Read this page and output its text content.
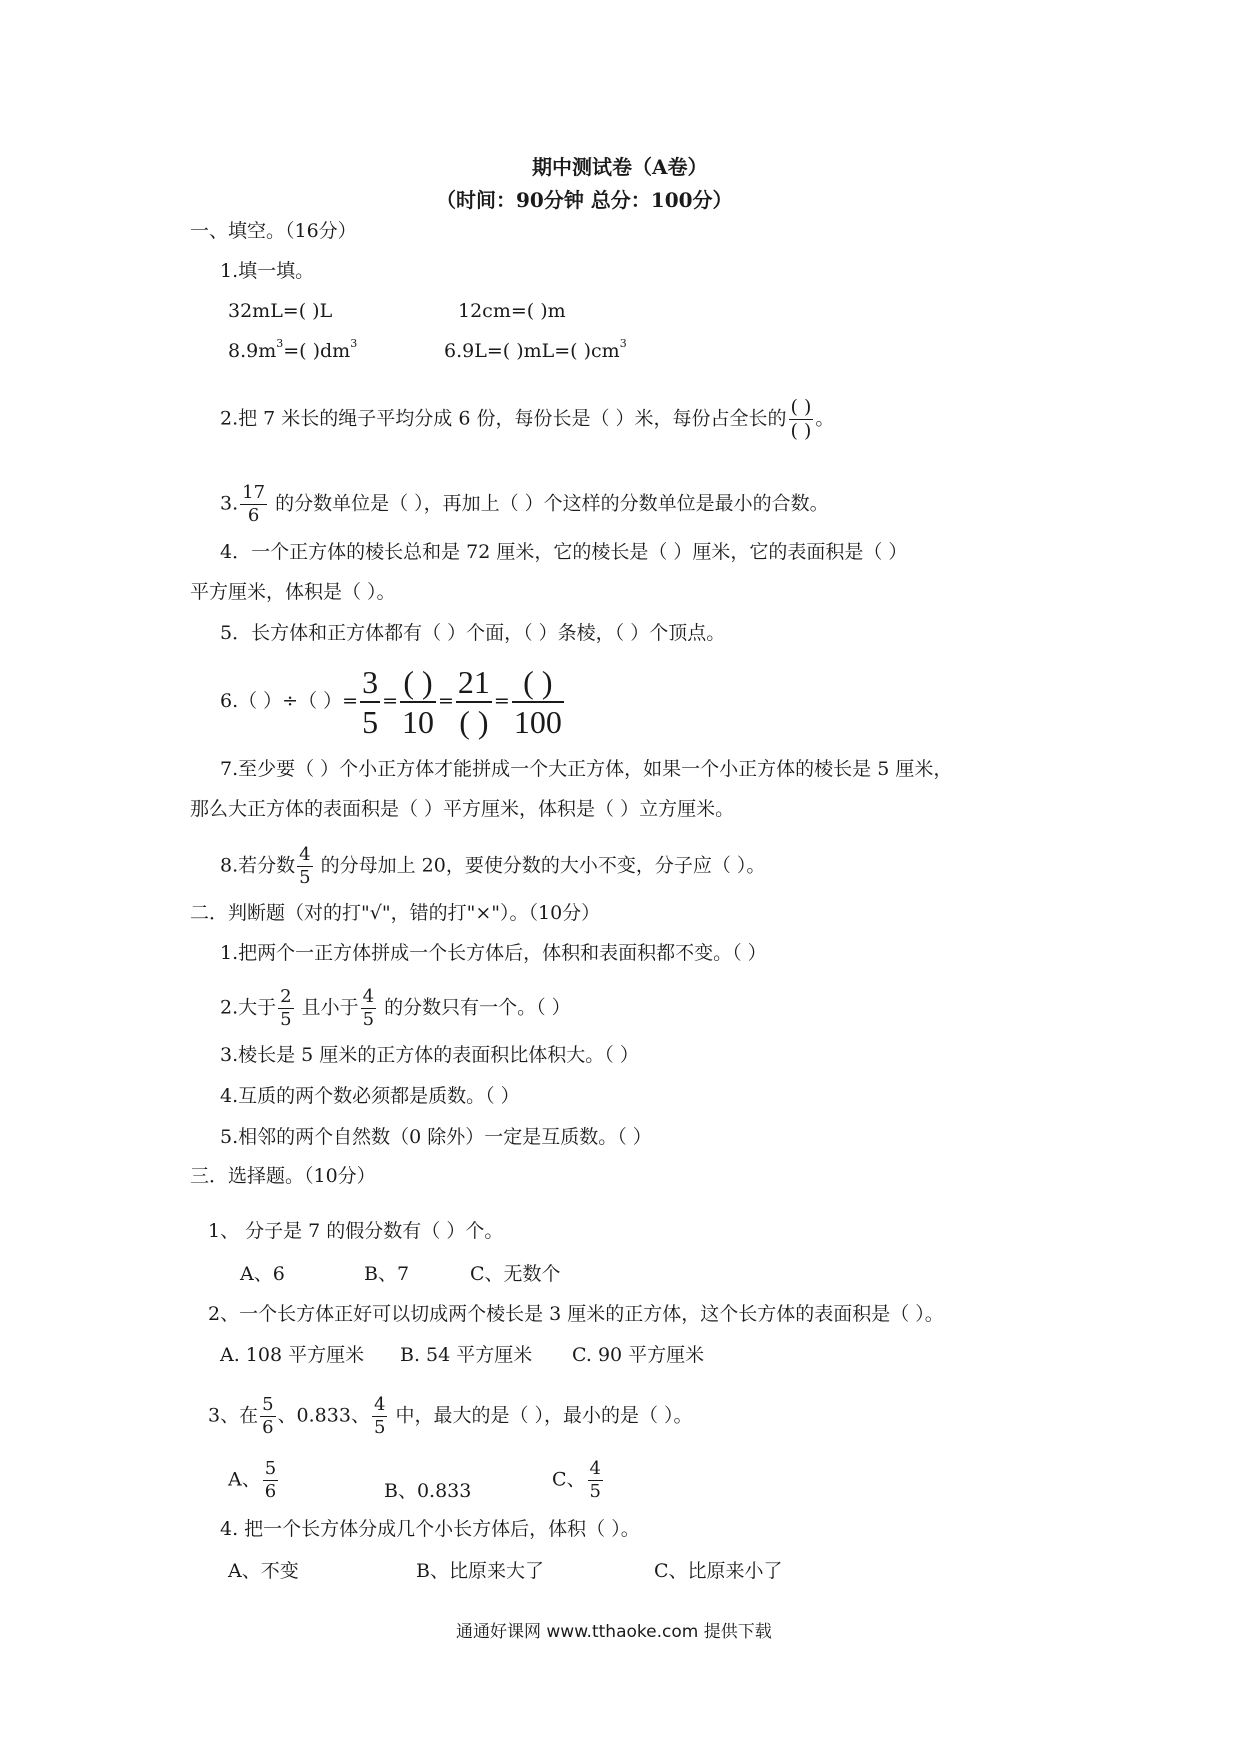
期中测试卷（A卷）
（时间：90分钟 总分：100分）
一、填空。（16分）
1.填一填。
32mL=( )L	12cm=( )m
$8.9m^3=$( )$dm^3$	6.9L=( )mL=( )$cm^3$
2.把 7 米长的绳子平均分成 6 份，每份长是（ ）米，每份占全长的 $\frac{( )}{( )}$ 。
3. $\frac{17}{6}$ 的分数单位是（ ），再加上（ ）个这样的分数单位是最小的合数。
4．一个正方体的棱长总和是 72 厘米，它的棱长是（ ）厘米，它的表面积是（ ）
平方厘米，体积是（ ）。
5．长方体和正方体都有（ ）个面，（ ）条棱，（ ）个顶点。
6.（ ）÷（ ）= $\frac{3}{5} = \frac{( )}{10} = \frac{21}{( )} = \frac{( )}{100}$
7.至少要（ ）个小正方体才能拼成一个大正方体，如果一个小正方体的棱长是 5 厘米，
那么大正方体的表面积是（ ）平方厘米，体积是（ ）立方厘米。
8.若分数 $\frac{4}{5}$ 的分母加上 20，要使分数的大小不变，分子应（ ）。
二．判断题（对的打"√"，错的打"×"）。（10分）
1.把两个一正方体拼成一个长方体后，体积和表面积都不变。（ ）
2.大于 $\frac{2}{5}$ 且小于 $\frac{4}{5}$ 的分数只有一个。（ ）
3.棱长是 5 厘米的正方体的表面积比体积大。（ ）
4.互质的两个数必须都是质数。（ ）
5.相邻的两个自然数（0 除外）一定是互质数。（ ）
三．选择题。（10分）
1、 分子是 7 的假分数有（ ）个。
A、6	B、7	C、无数个
2、一个长方体正好可以切成两个棱长是 3 厘米的正方体，这个长方体的表面积是（ ）。
A. 108 平方厘米 B. 54 平方厘米 C. 90 平方厘米
3、在 $\frac{5}{6}$ 、0.833、 $\frac{4}{5}$ 中，最大的是（ ），最小的是（ ）。
A、 $\frac{5}{6}$	B、0.833
C、 $\frac{4}{5}$
4. 把一个长方体分成几个小长方体后，体积（ ）。
A、不变	B、比原来大了	C、比原来小了
通通好课网 www.tthaoke.com 提供下载
